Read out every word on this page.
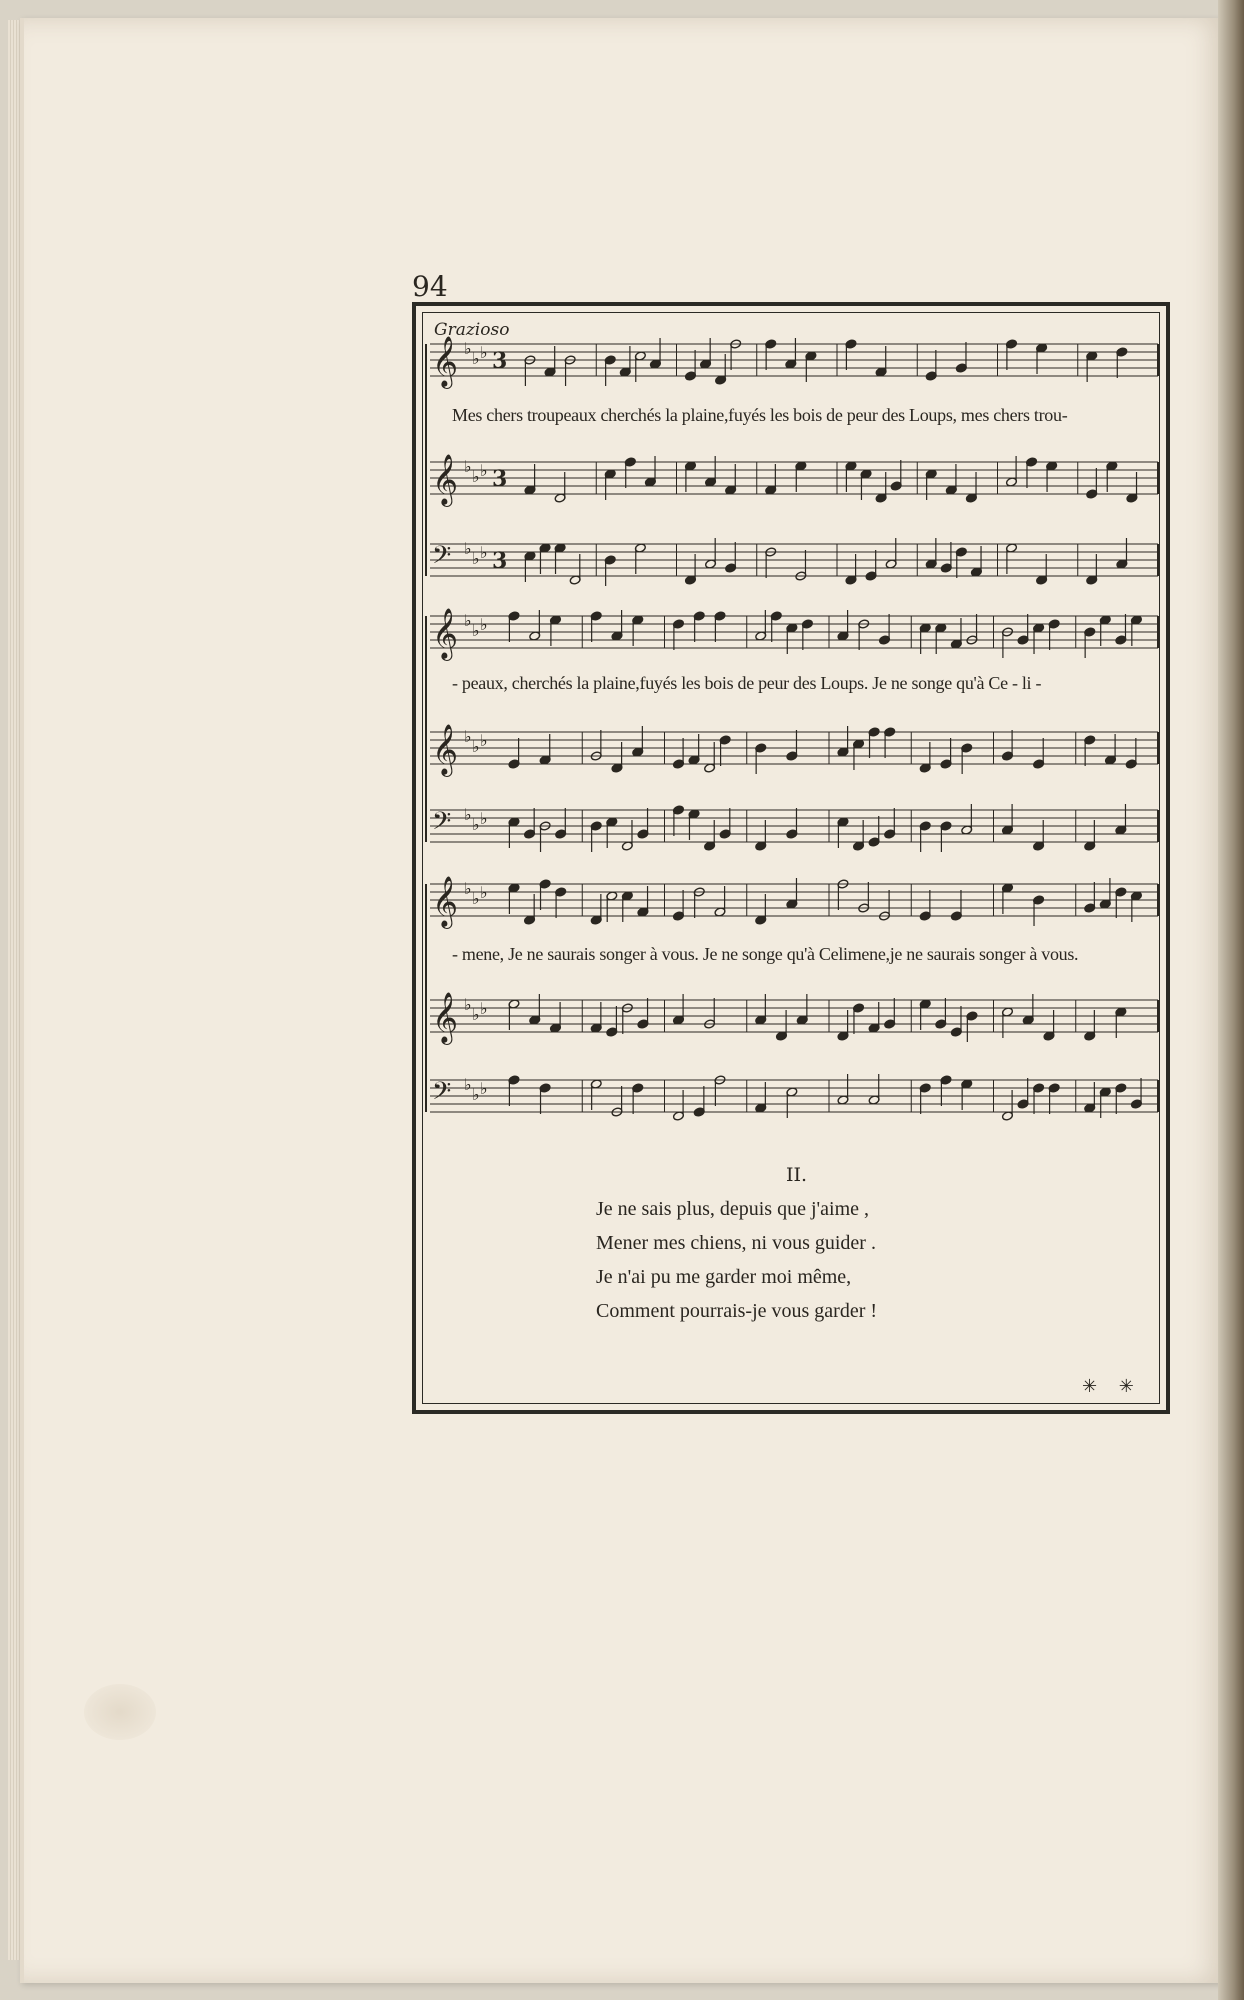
94
Grazioso
𝄞 ♭
♭ ♭ 3
𝄞 ♭
♭ ♭ 3
𝄢 ♭
♭ ♭ 3
𝄞 ♭
♭ ♭
𝄞 ♭
♭ ♭
𝄢 ♭
♭ ♭
𝄞 ♭
♭ ♭
𝄞 ♭
♭ ♭
𝄢 ♭
♭ ♭
Mes chers troupeaux cherchés la plaine,fuyés les bois de peur des Loups, mes chers trou-
- peaux, cherchés la plaine,fuyés les bois de peur des Loups. Je ne songe qu'à Ce - li -
- mene, Je ne saurais songer à vous. Je ne songe qu'à Celimene,je ne saurais songer à vous.
II.
Je ne sais plus, depuis que j'aime ,
Mener mes chiens, ni vous guider .
Je n'ai pu me garder moi même,
Comment pourrais-je vous garder !
✳ ✳
